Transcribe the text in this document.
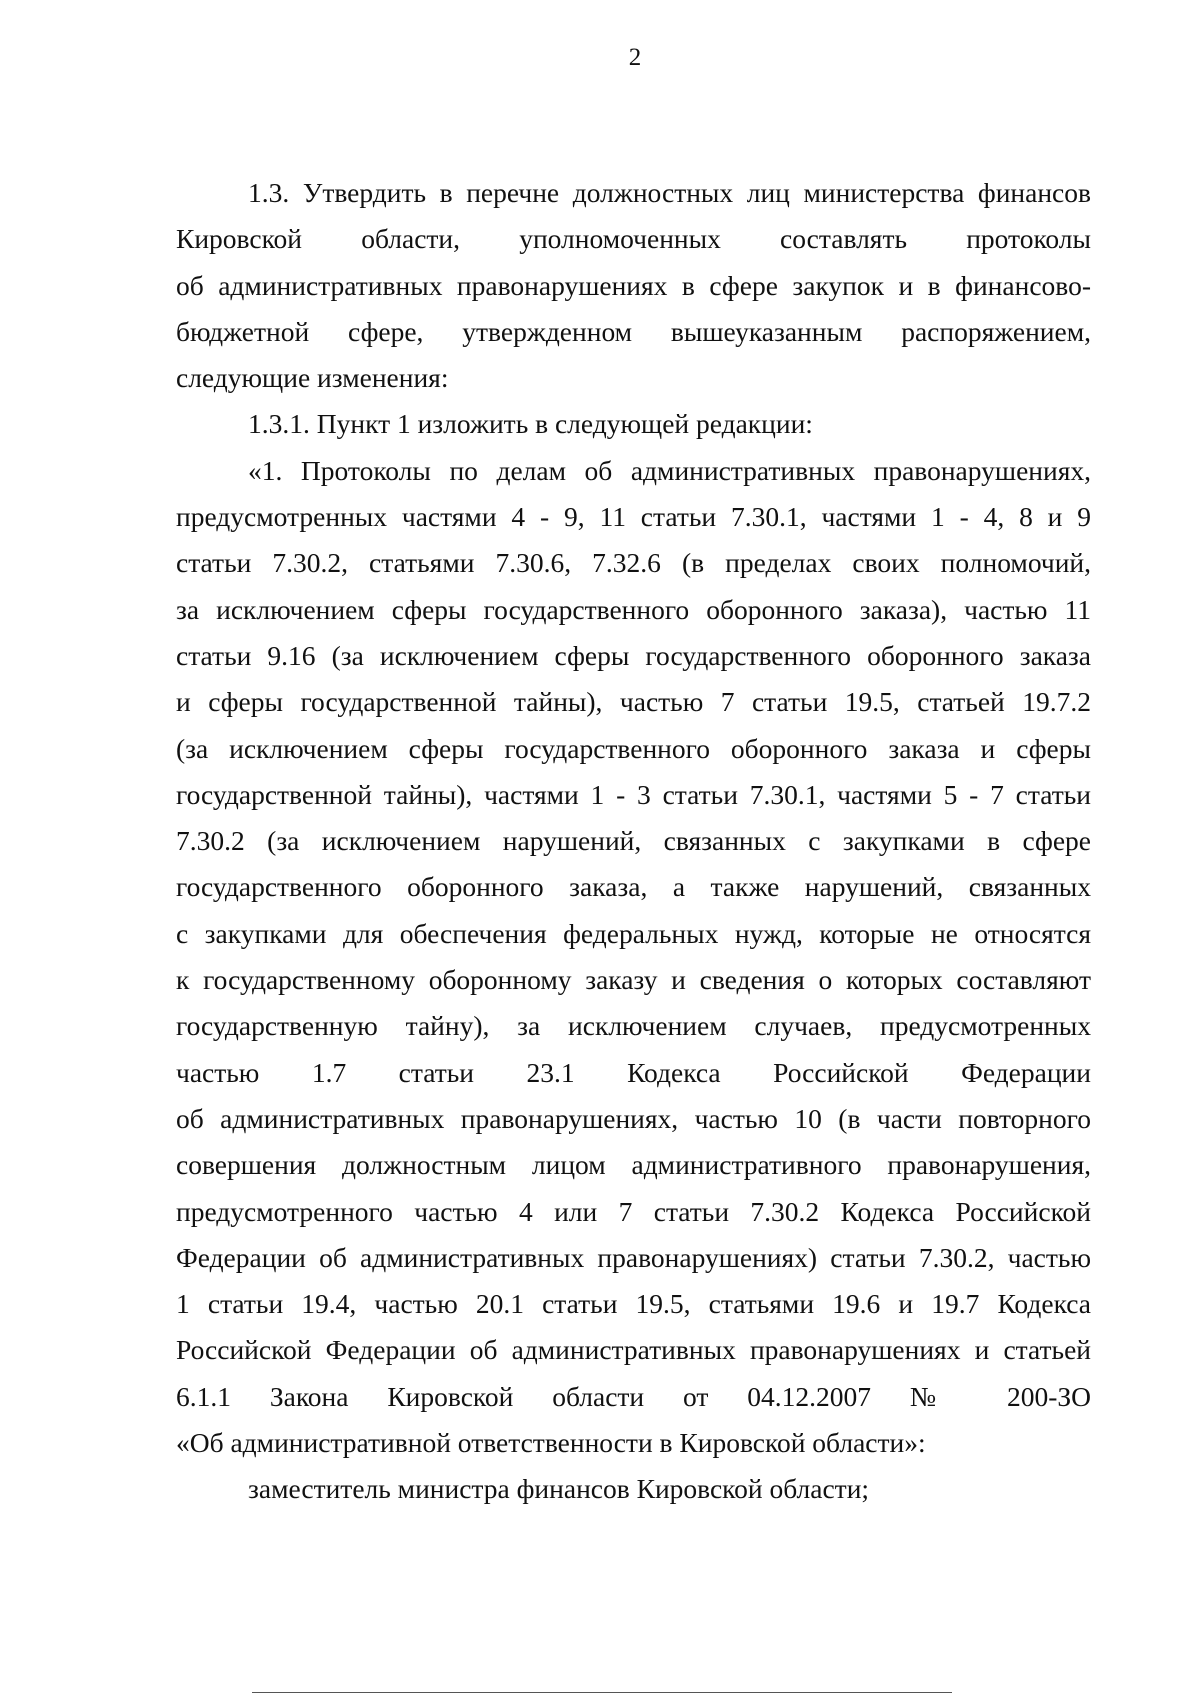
2
1.3. Утвердить в перечне должностных лиц министерства финансов
Кировской области, уполномоченных составлять протоколы
об административных правонарушениях в сфере закупок и в финансово-
бюджетной сфере, утвержденном вышеуказанным распоряжением,
следующие изменения:
1.3.1. Пункт 1 изложить в следующей редакции:
«1. Протоколы по делам об административных правонарушениях,
предусмотренных частями 4 - 9, 11 статьи 7.30.1, частями 1 - 4, 8 и 9
статьи 7.30.2, статьями 7.30.6, 7.32.6 (в пределах своих полномочий,
за исключением сферы государственного оборонного заказа), частью 11
статьи 9.16 (за исключением сферы государственного оборонного заказа
и сферы государственной тайны), частью 7 статьи 19.5, статьей 19.7.2
(за исключением сферы государственного оборонного заказа и сферы
государственной тайны), частями 1 - 3 статьи 7.30.1, частями 5 - 7 статьи
7.30.2 (за исключением нарушений, связанных с закупками в сфере
государственного оборонного заказа, а также нарушений, связанных
с закупками для обеспечения федеральных нужд, которые не относятся
к государственному оборонному заказу и сведения о которых составляют
государственную тайну), за исключением случаев, предусмотренных
частью 1.7 статьи 23.1 Кодекса Российской Федерации
об административных правонарушениях, частью 10 (в части повторного
совершения должностным лицом административного правонарушения,
предусмотренного частью 4 или 7 статьи 7.30.2 Кодекса Российской
Федерации об административных правонарушениях) статьи 7.30.2, частью
1 статьи 19.4, частью 20.1 статьи 19.5, статьями 19.6 и 19.7 Кодекса
Российской Федерации об административных правонарушениях и статьей
6.1.1 Закона Кировской области от 04.12.2007 № 200-ЗО
«Об административной ответственности в Кировской области»:
заместитель министра финансов Кировской области;
